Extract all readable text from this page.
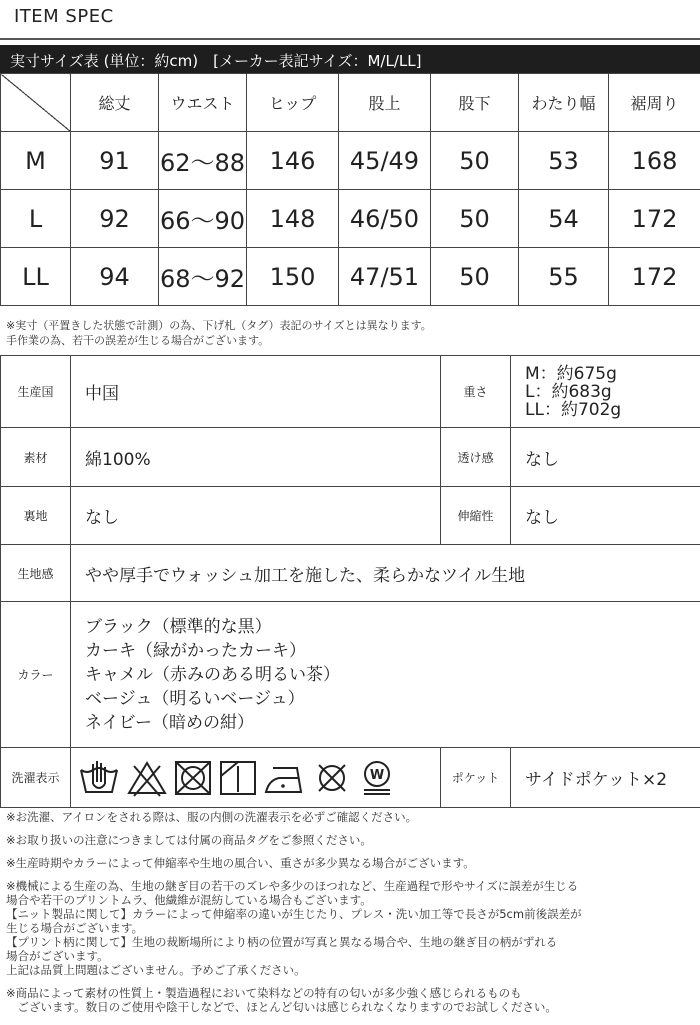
ITEM SPEC
実寸サイズ表 (単位：約cm)　[メーカー表記サイズ：M/L/LL]
	総丈	ウエスト	ヒップ	股上	股下	わたり幅	裾周り
M	91	62〜88	146	45/49	50	53	168
L	92	66〜90	148	46/50	50	54	172
LL	94	68〜92	150	47/51	50	55	172
※実寸（平置きした状態で計測）の為、下げ札（タグ）表記のサイズとは異なります。
手作業の為、若干の誤差が生じる場合がございます。
生産国	中国	重さ	M：約675g
L：約683g
LL：約702g

素材	綿100%	透け感	なし
裏地	なし	伸縮性	なし
生地感	やや厚手でウォッシュ加工を施した、柔らかなツイル生地		
カラー	ブラック（標準的な黒）
カーキ（緑がかったカーキ）
キャメル（赤みのある明るい茶）
ベージュ（明るいベージュ）
ネイビー（暗めの紺）		

洗濯表示	W	ポケット	サイドポケット×2

※お洗濯、アイロンをされる際は、服の内側の洗濯表示を必ずご確認ください。

※お取り扱いの注意につきましては付属の商品タグをご参照ください。

※生産時期やカラーによって伸縮率や生地の風合い、重さが多少異なる場合がございます。

※機械による生産の為、生地の継ぎ目の若干のズレや多少のほつれなど、生産過程で形やサイズに誤差が生じる

場合や若干のプリントムラ、他繊維が混紡している場合もございます。

【ニット製品に関して】カラーによって伸縮率の違いが生じたり、プレス・洗い加工等で長さが5cm前後誤差が

生じる場合がございます。

【プリント柄に関して】生地の裁断場所により柄の位置が写真と異なる場合や、生地の継ぎ目の柄がずれる

場合がございます。

上記は品質上問題はございません。予めご了承ください。

※商品によって素材の性質上・製造過程において染料などの特有の匂いが多少強く感じられるものも

　ございます。数日のご使用や陰干しなどで、ほとんど匂いは感じられなくなりますのでお試しください。
